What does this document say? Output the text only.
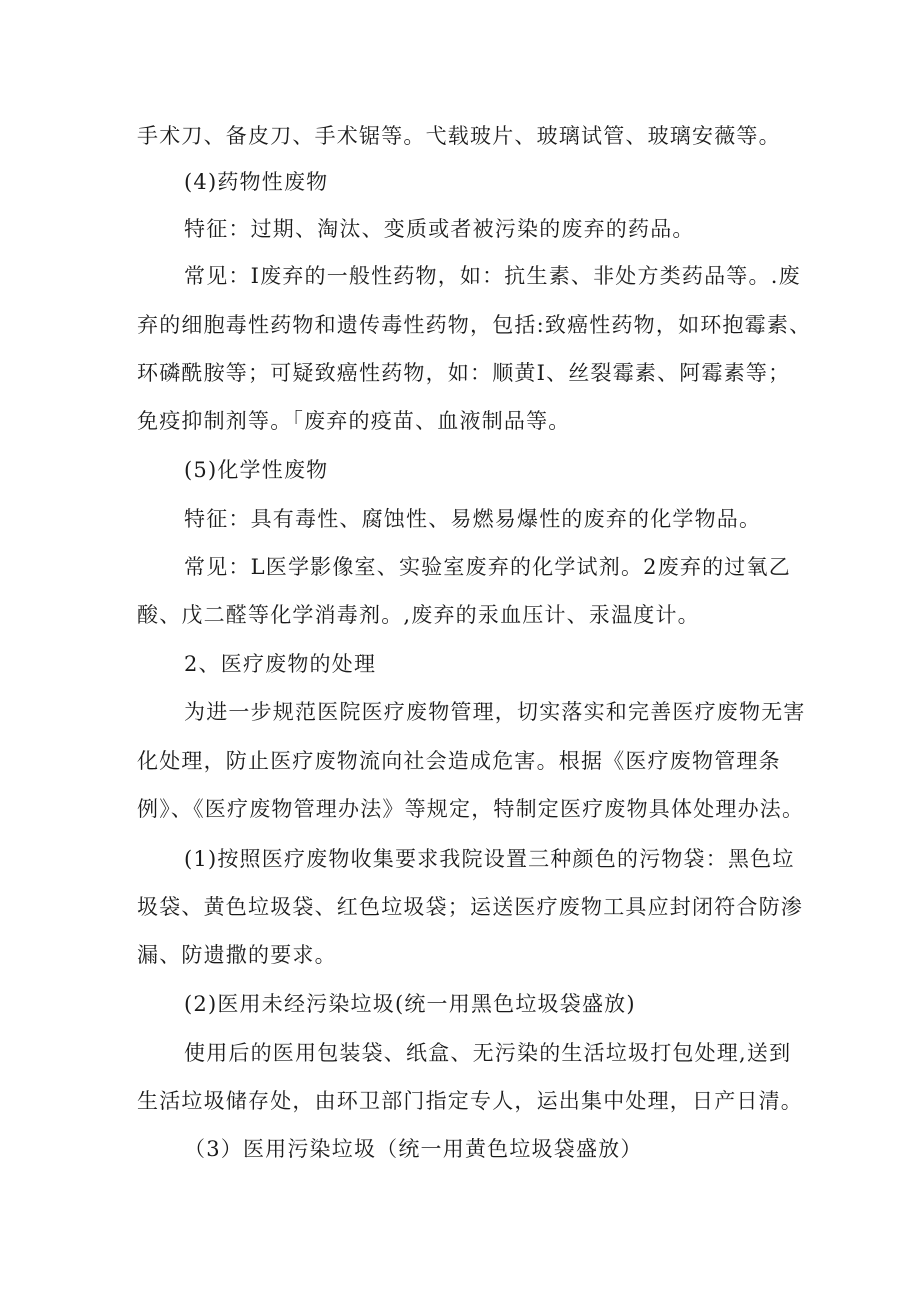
手术刀、备皮刀、手术锯等。弋载玻片、玻璃试管、玻璃安薇等。
(4)药物性废物
特征：过期、淘汰、变质或者被污染的废弃的药品。
常见：I废弃的一般性药物，如：抗生素、非处方类药品等。.废
弃的细胞毒性药物和遗传毒性药物，包括:致癌性药物，如环抱霉素、
环磷酰胺等；可疑致癌性药物，如：顺黄I、丝裂霉素、阿霉素等；
免疫抑制剂等。「废弃的疫苗、血液制品等。
(5)化学性废物
特征：具有毒性、腐蚀性、易燃易爆性的废弃的化学物品。
常见：L医学影像室、实验室废弃的化学试剂。2废弃的过氧乙
酸、戊二醛等化学消毒剂。,废弃的汞血压计、汞温度计。
2、医疗废物的处理
为进一步规范医院医疗废物管理，切实落实和完善医疗废物无害
化处理，防止医疗废物流向社会造成危害。根据《医疗废物管理条
例》、《医疗废物管理办法》等规定，特制定医疗废物具体处理办法。
(1)按照医疗废物收集要求我院设置三种颜色的污物袋：黑色垃
圾袋、黄色垃圾袋、红色垃圾袋；运送医疗废物工具应封闭符合防渗
漏、防遗撒的要求。
(2)医用未经污染垃圾(统一用黑色垃圾袋盛放)
使用后的医用包装袋、纸盒、无污染的生活垃圾打包处理,送到
生活垃圾储存处，由环卫部门指定专人，运出集中处理，日产日清。
（3）医用污染垃圾（统一用黄色垃圾袋盛放）
